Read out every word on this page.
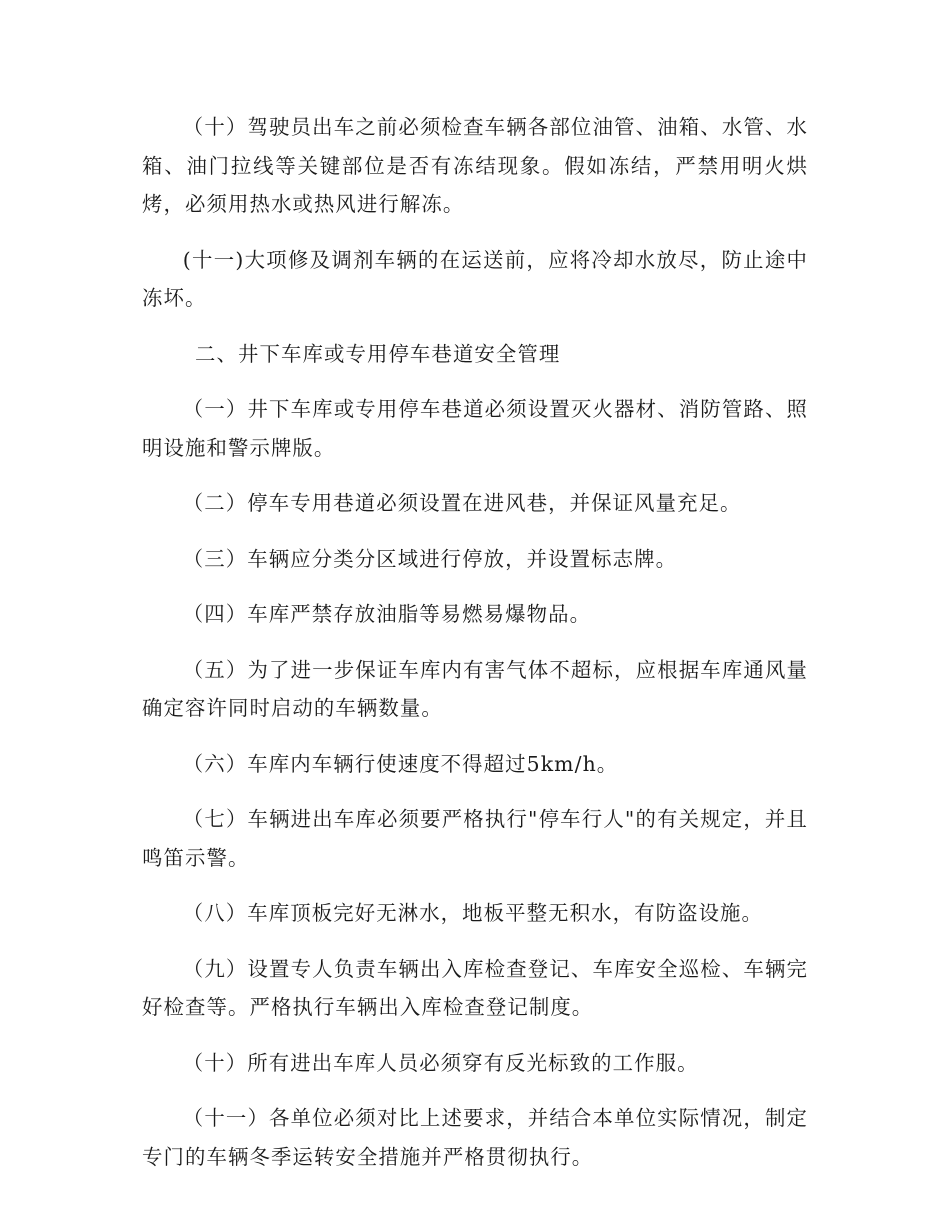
（十）驾驶员出车之前必须检查车辆各部位油管、油箱、水管、水箱、油门拉线等关键部位是否有冻结现象。假如冻结，严禁用明火烘烤，必须用热水或热风进行解冻。

(十一)大项修及调剂车辆的在运送前，应将冷却水放尽，防止途中冻坏。

二、井下车库或专用停车巷道安全管理

（一）井下车库或专用停车巷道必须设置灭火器材、消防管路、照明设施和警示牌版。

（二）停车专用巷道必须设置在进风巷，并保证风量充足。

（三）车辆应分类分区域进行停放，并设置标志牌。

（四）车库严禁存放油脂等易燃易爆物品。

（五）为了进一步保证车库内有害气体不超标，应根据车库通风量确定容许同时启动的车辆数量。

（六）车库内车辆行使速度不得超过5km/h。

（七）车辆进出车库必须要严格执行"停车行人"的有关规定，并且鸣笛示警。

（八）车库顶板完好无淋水，地板平整无积水，有防盗设施。

（九）设置专人负责车辆出入库检查登记、车库安全巡检、车辆完好检查等。严格执行车辆出入库检查登记制度。

（十）所有进出车库人员必须穿有反光标致的工作服。

（十一）各单位必须对比上述要求，并结合本单位实际情况，制定专门的车辆冬季运转安全措施并严格贯彻执行。
